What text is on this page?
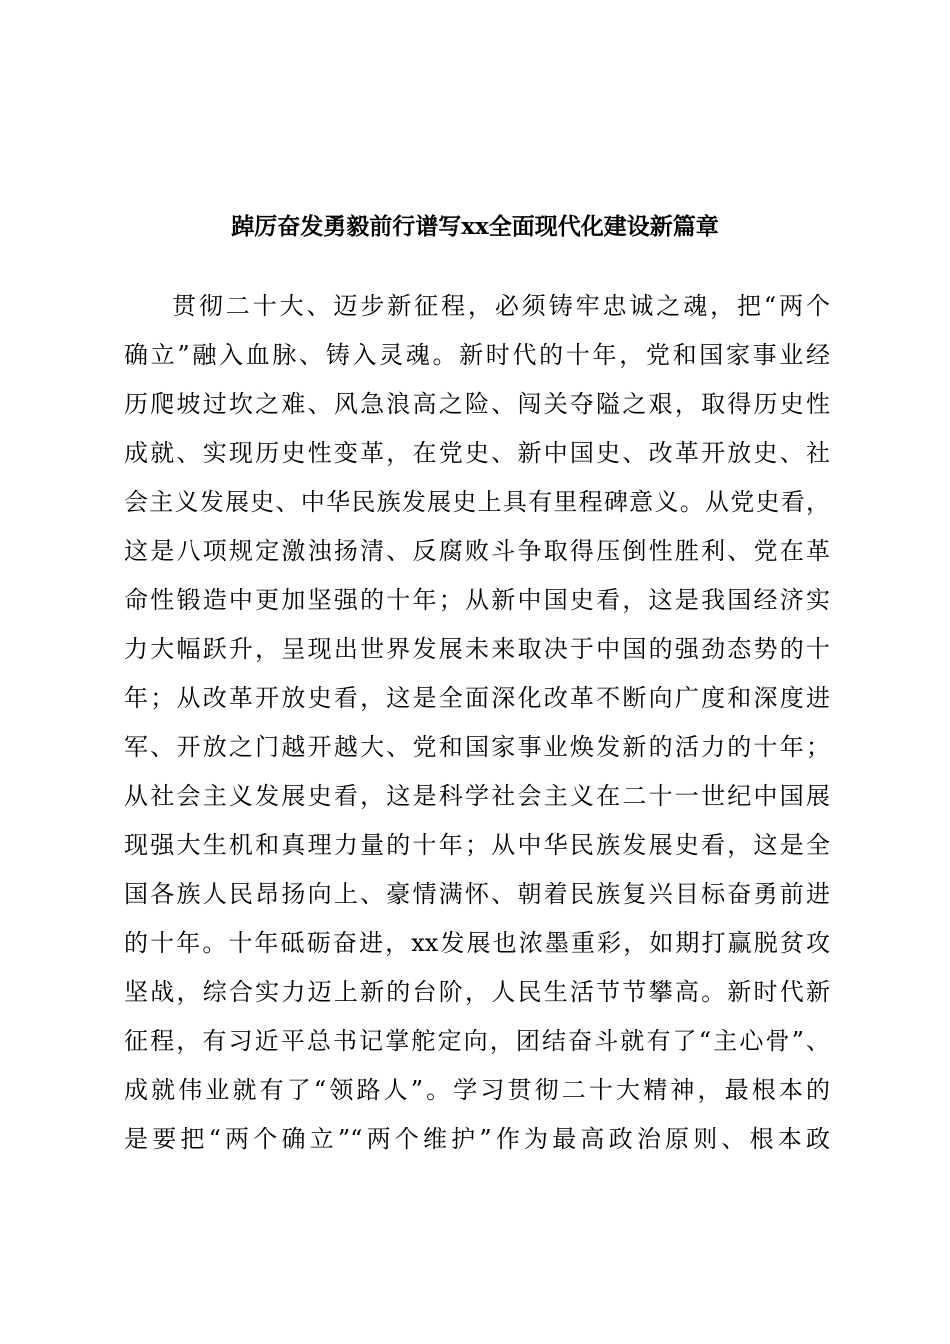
踔厉奋发勇毅前行谱写xx全面现代化建设新篇章
贯彻二十大、迈步新征程，必须铸牢忠诚之魂，把“两个
确立”融入血脉、铸入灵魂。新时代的十年，党和国家事业经
历爬坡过坎之难、风急浪高之险、闯关夺隘之艰，取得历史性
成就、实现历史性变革，在党史、新中国史、改革开放史、社
会主义发展史、中华民族发展史上具有里程碑意义。从党史看，
这是八项规定激浊扬清、反腐败斗争取得压倒性胜利、党在革
命性锻造中更加坚强的十年；从新中国史看，这是我国经济实
力大幅跃升，呈现出世界发展未来取决于中国的强劲态势的十
年；从改革开放史看，这是全面深化改革不断向广度和深度进
军、开放之门越开越大、党和国家事业焕发新的活力的十年；
从社会主义发展史看，这是科学社会主义在二十一世纪中国展
现强大生机和真理力量的十年；从中华民族发展史看，这是全
国各族人民昂扬向上、豪情满怀、朝着民族复兴目标奋勇前进
的十年。十年砥砺奋进，xx发展也浓墨重彩，如期打赢脱贫攻
坚战，综合实力迈上新的台阶，人民生活节节攀高。新时代新
征程，有习近平总书记掌舵定向，团结奋斗就有了“主心骨”、
成就伟业就有了“领路人”。学习贯彻二十大精神，最根本的
是要把“两个确立”“两个维护”作为最高政治原则、根本政
